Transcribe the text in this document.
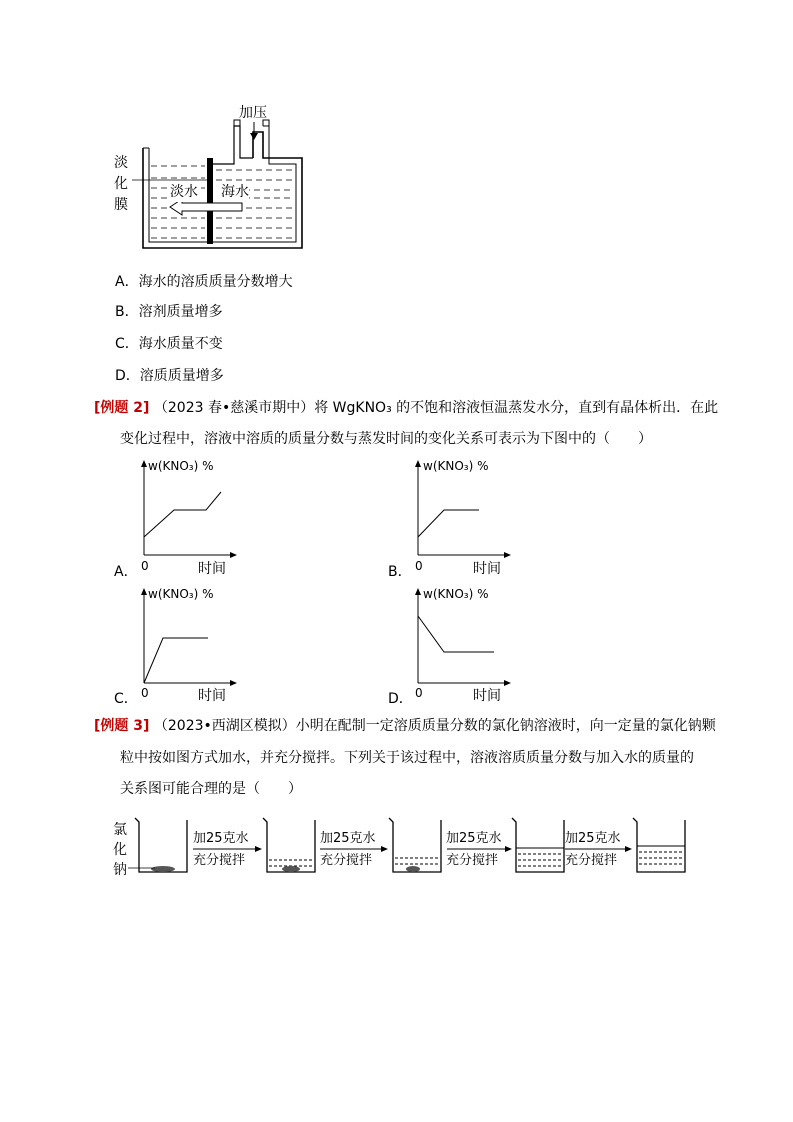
加压
淡
化
膜
淡水 海水
A．海水的溶质质量分数增大
B．溶剂质量增多
C．海水质量不变
D．溶质质量增多
[例题 2] （2023 春•慈溪市期中）将 WgKNO₃ 的不饱和溶液恒温蒸发水分，直到有晶体析出．在此
变化过程中，溶液中溶质的质量分数与蒸发时间的变化关系可表示为下图中的（　　）
w(KNO₃) %
0	时间
A．
w(KNO₃) %
0	时间
B．
w(KNO₃) %
0	时间
C．
w(KNO₃) %
0	时间
D．
[例题 3] （2023•西湖区模拟）小明在配制一定溶质质量分数的氯化钠溶液时，向一定量的氯化钠颗
粒中按如图方式加水，并充分搅拌。下列关于该过程中，溶液溶质质量分数与加入水的质量的
关系图可能合理的是（　　）
氯
化
钠
加25克水
充分搅拌
加25克水
充分搅拌
加25克水
充分搅拌
加25克水
充分搅拌
